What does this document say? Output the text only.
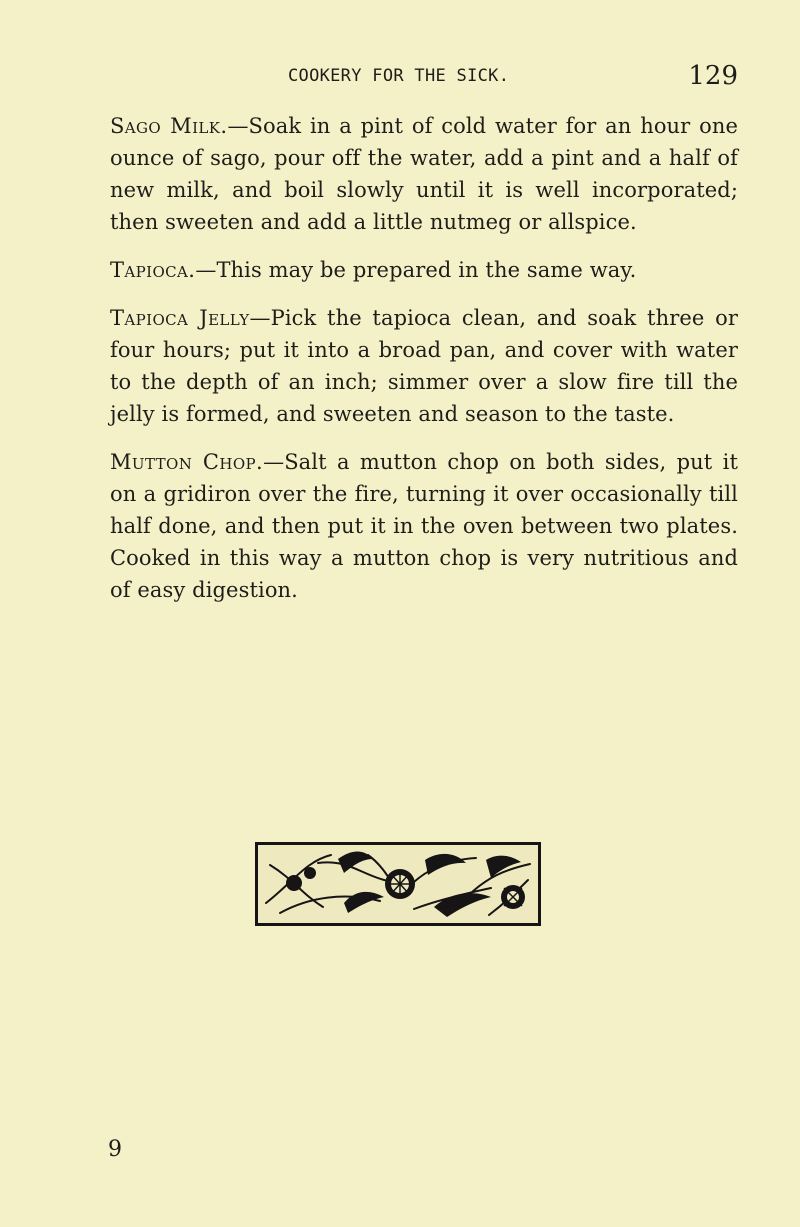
COOKERY FOR THE SICK.	129

Sago Milk.—Soak in a pint of cold water for an hour one ounce of sago, pour off the water, add a pint and a half of new milk, and boil slowly until it is well incorporated; then sweeten and add a little nutmeg or allspice.

Tapioca.—This may be prepared in the same way.

Tapioca Jelly—Pick the tapioca clean, and soak three or four hours; put it into a broad pan, and cover with water to the depth of an inch; simmer over a slow fire till the jelly is formed, and sweeten and season to the taste.

Mutton Chop.—Salt a mutton chop on both sides, put it on a gridiron over the fire, turning it over occasionally till half done, and then put it in the oven between two plates. Cooked in this way a mutton chop is very nutritious and of easy digestion.

9
